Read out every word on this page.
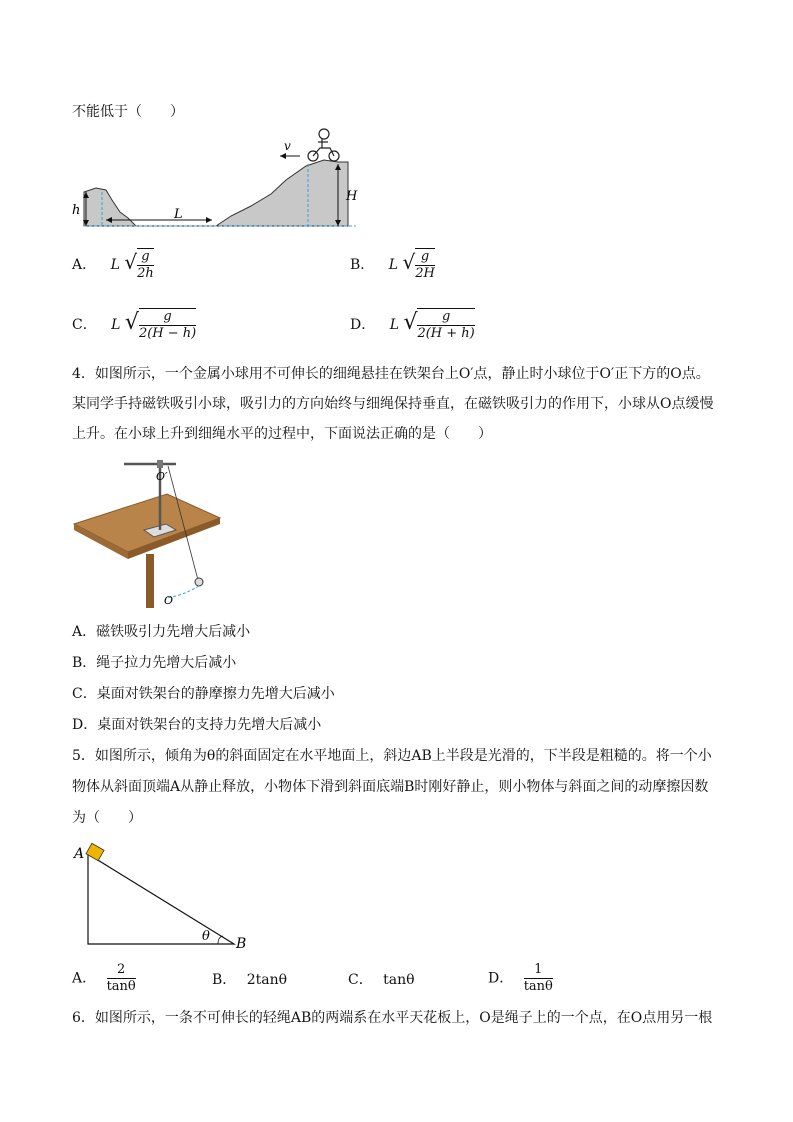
不能低于（　　）
h
H
L
v
A． L √ $\frac{g}{2h}$	B． L √ $\frac{g}{2H}$
C． L √ $\frac{g}{2(H - h)}$	D． L √ $\frac{g}{2(H + h)}$
4．如图所示，一个金属小球用不可伸长的细绳悬挂在铁架台上O′点，静止时小球位于O′正下方的O点。
某同学手持磁铁吸引小球，吸引力的方向始终与细绳保持垂直，在磁铁吸引力的作用下，小球从O点缓慢
上升。在小球上升到细绳水平的过程中，下面说法正确的是（　　）
O′
O
A．磁铁吸引力先增大后减小
B．绳子拉力先增大后减小
C．桌面对铁架台的静摩擦力先增大后减小
D．桌面对铁架台的支持力先增大后减小
5．如图所示，倾角为θ的斜面固定在水平地面上，斜边AB上半段是光滑的，下半段是粗糙的。将一个小
物体从斜面顶端A从静止释放，小物体下滑到斜面底端B时刚好静止，则小物体与斜面之间的动摩擦因数
为（　　）
A
B
θ
A． $\frac{2}{\tan\theta}$	B． 2tanθ	C． tanθ	D． $\frac{1}{\tan\theta}$
6．如图所示，一条不可伸长的轻绳AB的两端系在水平天花板上，O是绳子上的一个点，在O点用另一根
